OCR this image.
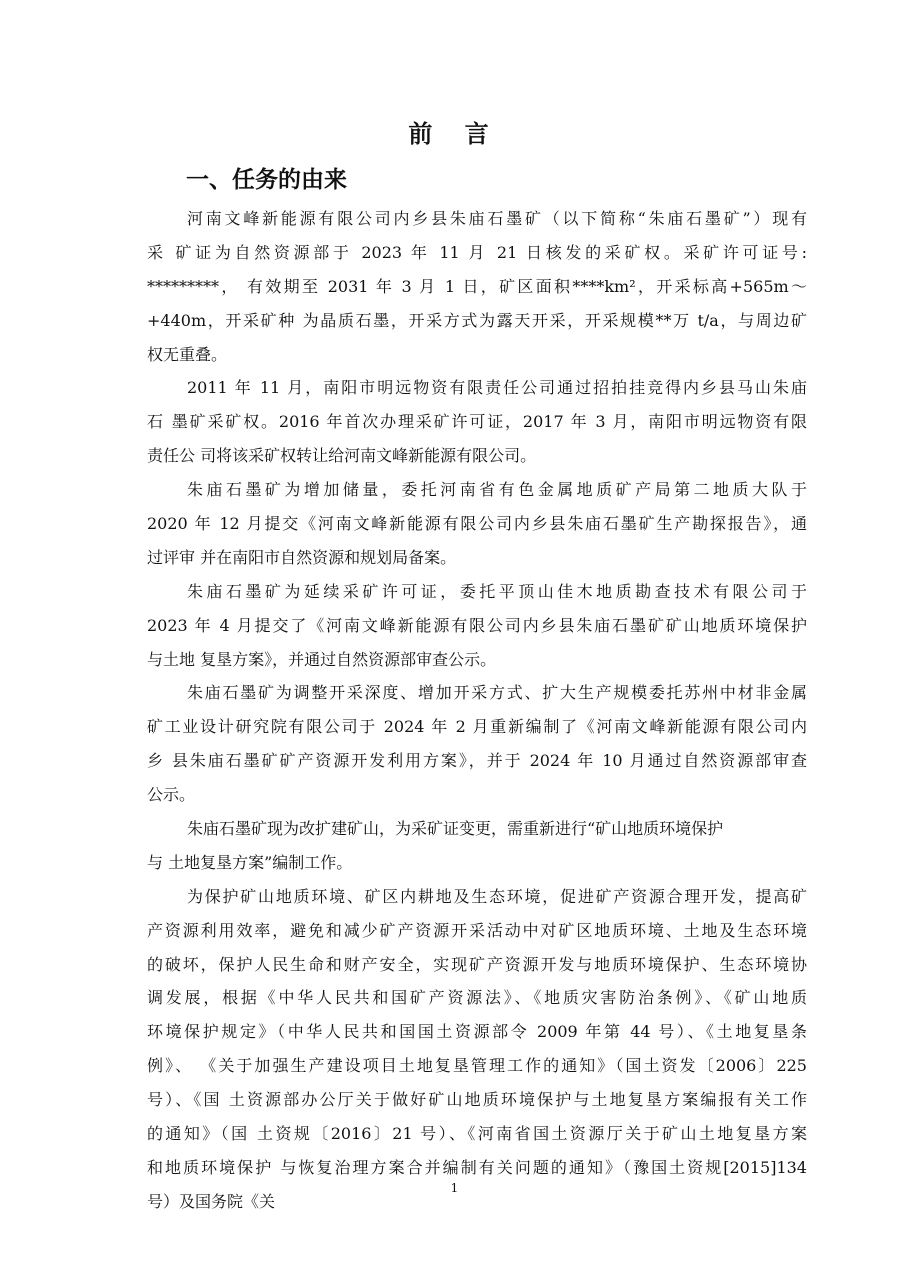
前 言
一、任务的由来
河南文峰新能源有限公司内乡县朱庙石墨矿（以下简称“朱庙石墨矿”）现有
采 矿证为自然资源部于 2023 年 11 月 21 日核发的采矿权。采矿许可证号:
*********， 有效期至 2031 年 3 月 1 日，矿区面积****km²，开采标高+565m～
+440m，开采矿种 为晶质石墨，开采方式为露天开采，开采规模**万 t/a，与周边矿
权无重叠。
2011 年 11 月，南阳市明远物资有限责任公司通过招拍挂竞得内乡县马山朱庙
石 墨矿采矿权。2016 年首次办理采矿许可证，2017 年 3 月，南阳市明远物资有限
责任公 司将该采矿权转让给河南文峰新能源有限公司。
朱庙石墨矿为增加储量，委托河南省有色金属地质矿产局第二地质大队于
2020 年 12 月提交《河南文峰新能源有限公司内乡县朱庙石墨矿生产勘探报告》，通
过评审 并在南阳市自然资源和规划局备案。
朱庙石墨矿为延续采矿许可证，委托平顶山佳木地质勘查技术有限公司于
2023 年 4 月提交了《河南文峰新能源有限公司内乡县朱庙石墨矿矿山地质环境保护
与土地 复垦方案》，并通过自然资源部审查公示。
朱庙石墨矿为调整开采深度、增加开采方式、扩大生产规模委托苏州中材非金属
矿工业设计研究院有限公司于 2024 年 2 月重新编制了《河南文峰新能源有限公司内
乡 县朱庙石墨矿矿产资源开发利用方案》，并于 2024 年 10 月通过自然资源部审查
公示。
朱庙石墨矿现为改扩建矿山，为采矿证变更，需重新进行“矿山地质环境保护
与 土地复垦方案”编制工作。
为保护矿山地质环境、矿区内耕地及生态环境，促进矿产资源合理开发，提高矿
产资源利用效率，避免和减少矿产资源开采活动中对矿区地质环境、土地及生态环境
的破坏，保护人民生命和财产安全，实现矿产资源开发与地质环境保护、生态环境协
调发展，根据《中华人民共和国矿产资源法》、《地质灾害防治条例》、《矿山地质
环境保护规定》（中华人民共和国国土资源部令 2009 年第 44 号）、《土地复垦条
例》、 《关于加强生产建设项目土地复垦管理工作的通知》（国土资发〔2006〕225
号）、《国 土资源部办公厅关于做好矿山地质环境保护与土地复垦方案编报有关工作
的通知》（国 土资规〔2016〕21 号）、《河南省国土资源厅关于矿山土地复垦方案
和地质环境保护 与恢复治理方案合并编制有关问题的通知》（豫国土资规[2015]134
号）及国务院《关
1
